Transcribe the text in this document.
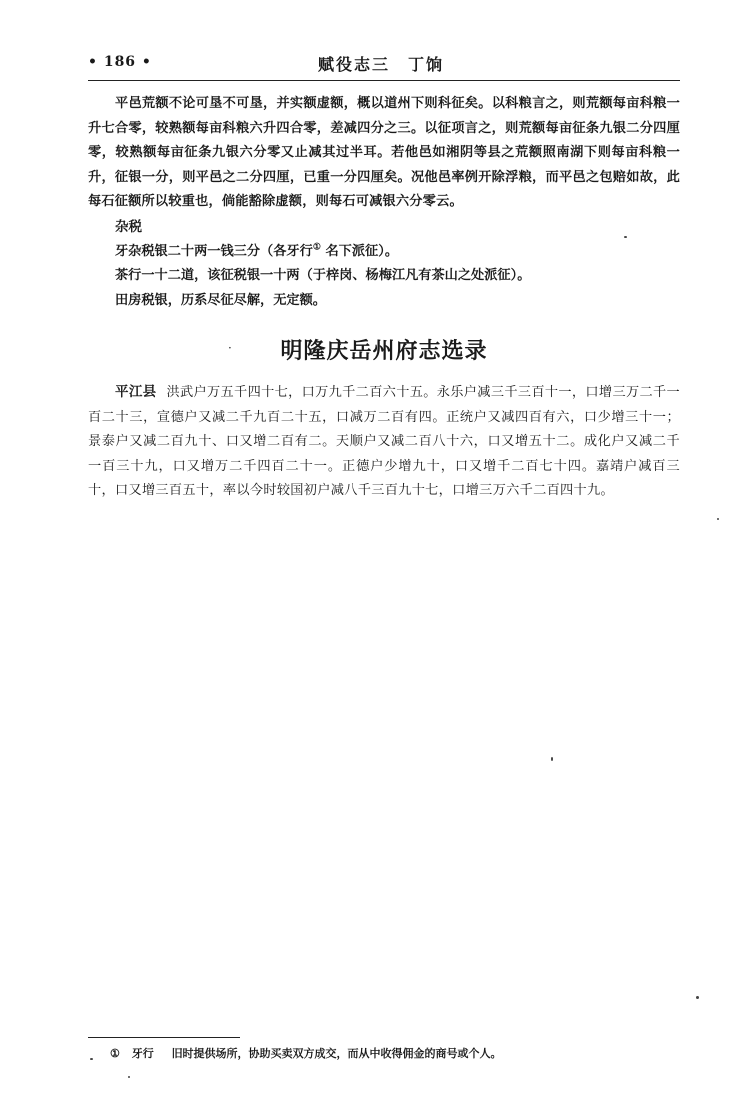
• 186 •	赋役志三　丁饷

平邑荒额不论可垦不可垦，并实额虚额，概以道州下则科征矣。以科粮言之，则荒额每亩科粮一升七合零，较熟额每亩科粮六升四合零，差减四分之三。以征项言之，则荒额每亩征条九银二分四厘零，较熟额每亩征条九银六分零又止减其过半耳。若他邑如湘阴等县之荒额照南湖下则每亩科粮一升，征银一分，则平邑之二分四厘，已重一分四厘矣。况他邑率例开除浮粮，而平邑之包赔如故，此每石征额所以较重也，倘能豁除虚额，则每石可减银六分零云。

杂税

牙杂税银二十两一钱三分（各牙行① 名下派征）。

茶行一十二道，该征税银一十两（于梓岗、杨梅江凡有茶山之处派征）。

田房税银，历系尽征尽解，无定额。

·	明隆庆岳州府志选录

平江县 洪武户万五千四十七，口万九千二百六十五。永乐户减三千三百十一，口增三万二千一百二十三，宣德户又减二千九百二十五，口减万二百有四。正统户又减四百有六，口少增三十一；景泰户又减二百九十、口又增二百有二。天顺户又减二百八十六，口又增五十二。成化户又减二千一百三十九，口又增万二千四百二十一。正德户少增九十，口又增千二百七十四。嘉靖户减百三十，口又增三百五十，率以今时较国初户减八千三百九十七，口增三万六千二百四十九。

① 牙行 旧时提供场所，协助买卖双方成交，而从中收得佣金的商号或个人。
